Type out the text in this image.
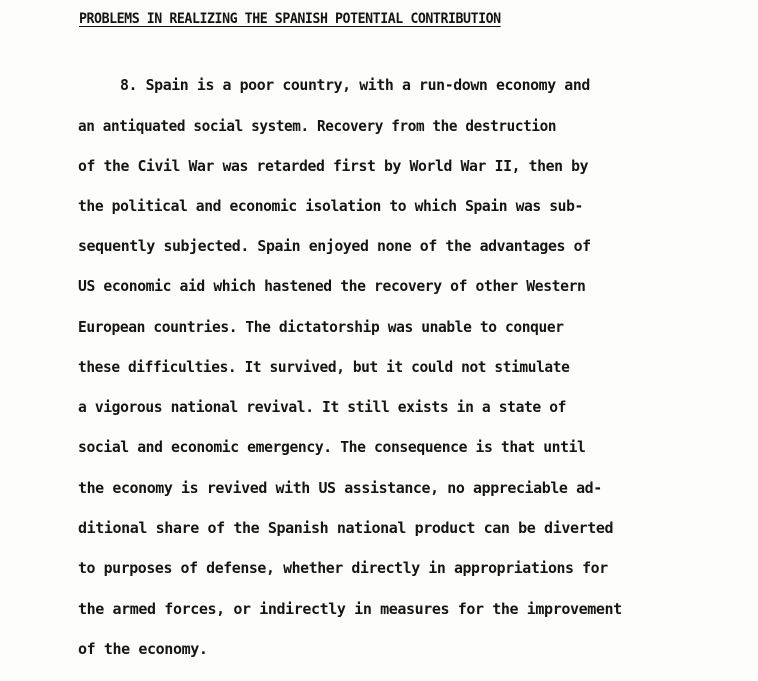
PROBLEMS IN REALIZING THE SPANISH POTENTIAL CONTRIBUTION
8. Spain is a poor country, with a run-down economy and
an antiquated social system. Recovery from the destruction
of the Civil War was retarded first by World War II, then by
the political and economic isolation to which Spain was sub-
sequently subjected. Spain enjoyed none of the advantages of
US economic aid which hastened the recovery of other Western
European countries. The dictatorship was unable to conquer
these difficulties. It survived, but it could not stimulate
a vigorous national revival. It still exists in a state of
social and economic emergency. The consequence is that until
the economy is revived with US assistance, no appreciable ad-
ditional share of the Spanish national product can be diverted
to purposes of defense, whether directly in appropriations for
the armed forces, or indirectly in measures for the improvement
of the economy.
